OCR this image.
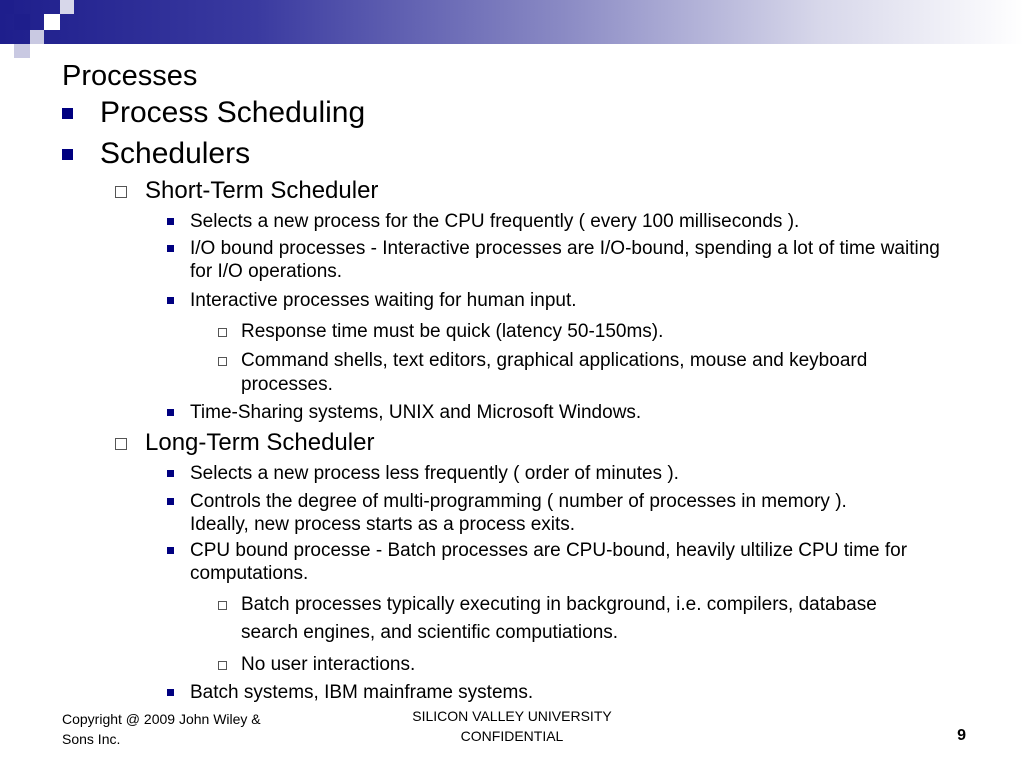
Processes
Process Scheduling
Schedulers
Short-Term Scheduler
Selects a new process for the CPU frequently ( every 100 milliseconds ).
I/O bound processes - Interactive processes are I/O-bound, spending a lot of time waiting for I/O operations.
Interactive processes waiting for human input.
Response time must be quick (latency 50-150ms).
Command shells, text editors, graphical applications, mouse and keyboard processes.
Time-Sharing systems, UNIX and Microsoft Windows.
Long-Term Scheduler
Selects a new process less frequently ( order of minutes ).
Controls the degree of multi-programming ( number of processes in memory ). Ideally, new process starts as a process exits.
CPU bound processe - Batch processes are CPU-bound, heavily ultilize CPU time for computations.
Batch processes typically executing in background, i.e. compilers, database search engines, and scientific computiations.
No user interactions.
Batch systems, IBM mainframe systems.
Copyright @ 2009 John Wiley & Sons Inc.
SILICON VALLEY UNIVERSITY CONFIDENTIAL	9
